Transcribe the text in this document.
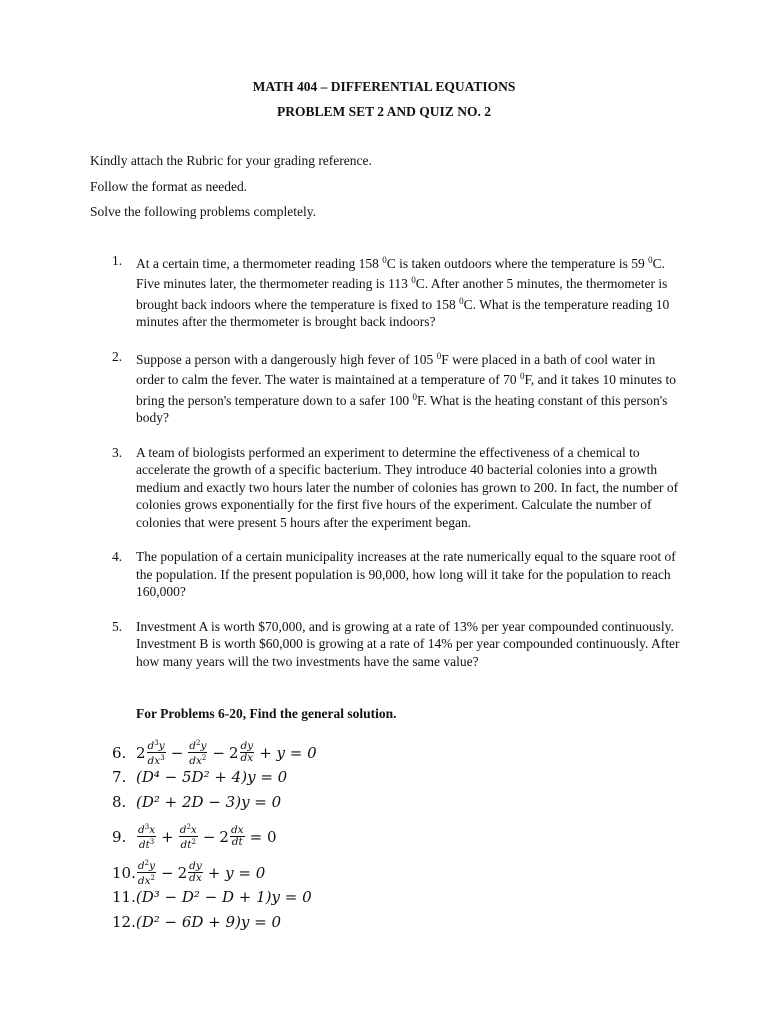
MATH 404 – DIFFERENTIAL EQUATIONS
PROBLEM SET 2 AND QUIZ NO. 2
Kindly attach the Rubric for your grading reference.
Follow the format as needed.
Solve the following problems completely.
1.	At a certain time, a thermometer reading 158 $^0$C is taken outdoors where the temperature is 59 $^0$C. Five minutes later, the thermometer reading is 113 $^0$C. After another 5 minutes, the thermometer is brought back indoors where the temperature is fixed to 158 $^0$C. What is the temperature reading 10 minutes after the thermometer is brought back indoors?
2.	Suppose a person with a dangerously high fever of 105 $^0$F were placed in a bath of cool water in order to calm the fever. The water is maintained at a temperature of 70 $^0$F, and it takes 10 minutes to bring the person's temperature down to a safer 100 $^0$F. What is the heating constant of this person's body?
3.	A team of biologists performed an experiment to determine the effectiveness of a chemical to accelerate the growth of a specific bacterium. They introduce 40 bacterial colonies into a growth medium and exactly two hours later the number of colonies has grown to 200. In fact, the number of colonies grows exponentially for the first five hours of the experiment. Calculate the number of colonies that were present 5 hours after the experiment began.
4.	The population of a certain municipality increases at the rate numerically equal to the square root of the population. If the present population is 90,000, how long will it take for the population to reach 160,000?
5.	Investment A is worth $70,000, and is growing at a rate of 13% per year compounded continuously. Investment B is worth $60,000 is growing at a rate of 14% per year compounded continuously. After how many years will the two investments have the same value?
For Problems 6-20, Find the general solution.
6. $2 \frac{d^3y}{dx^3} - \frac{d^2y}{dx^2} - 2 \frac{dy}{dx} + y = 0$
7. (D⁴ − 5D² + 4)y = 0
8. (D² + 2D − 3)y = 0
9.	$\frac{d^3x}{dt^3} + \frac{d^2x}{dt^2} - 2 \frac{dx}{dt} = 0$
10. $\frac{d^2y}{dx^2} - 2 \frac{dy}{dx} + y = 0$
11. (D³ − D² − D + 1)y = 0
12. (D² − 6D + 9)y = 0
